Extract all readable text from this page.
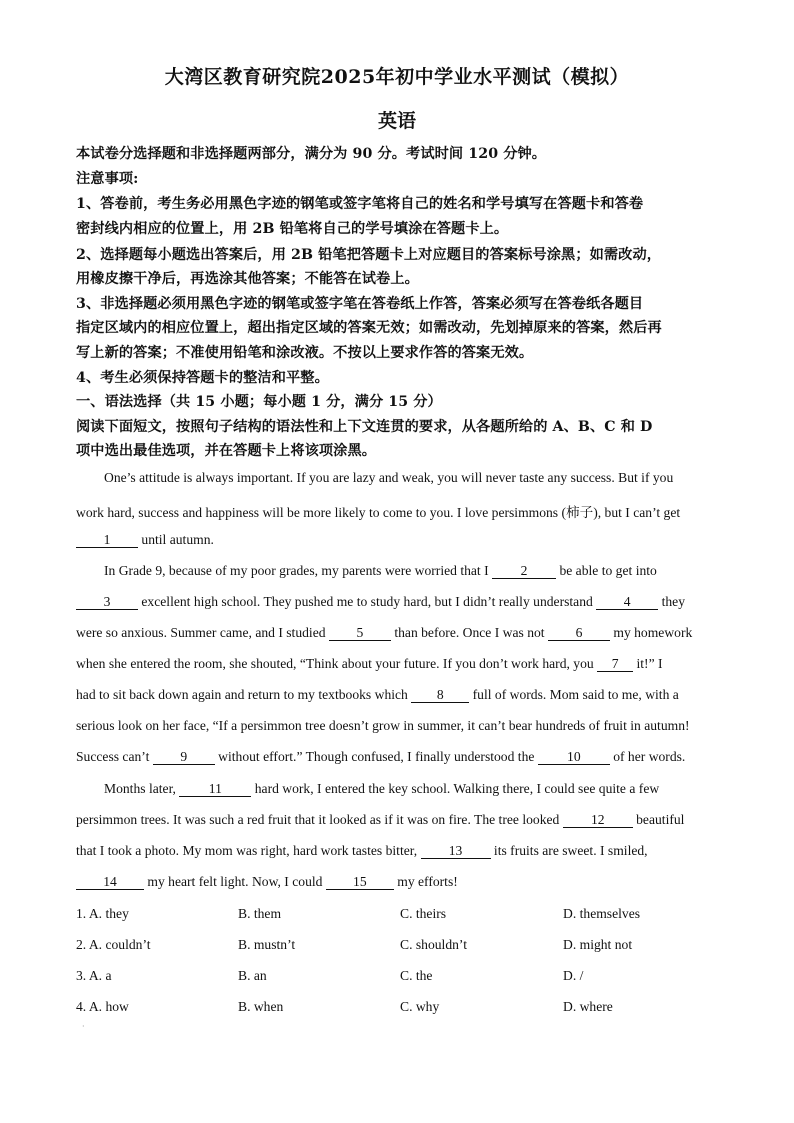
大湾区教育研究院2025年初中学业水平测试（模拟）
英语
本试卷分选择题和非选择题两部分，满分为 90 分。考试时间 120 分钟。
注意事项:
1、答卷前，考生务必用黑色字迹的钢笔或签字笔将自己的姓名和学号填写在答题卡和答卷
密封线内相应的位置上，用 2B 铅笔将自己的学号填涂在答题卡上。
2、选择题每小题选出答案后，用 2B 铅笔把答题卡上对应题目的答案标号涂黑；如需改动，
用橡皮擦干净后，再选涂其他答案；不能答在试卷上。
3、非选择题必须用黑色字迹的钢笔或签字笔在答卷纸上作答，答案必须写在答卷纸各题目
指定区域内的相应位置上，超出指定区域的答案无效；如需改动，先划掉原来的答案，然后再
写上新的答案；不准使用铅笔和涂改液。不按以上要求作答的答案无效。
4、考生必须保持答题卡的整洁和平整。
一、语法选择（共 15 小题；每小题 1 分，满分 15 分）
阅读下面短文，按照句子结构的语法性和上下文连贯的要求，从各题所给的 A、B、C 和 D
项中选出最佳选项，并在答题卡上将该项涂黑。
One’s attitude is always important. If you are lazy and weak, you will never taste any success. But if you
work hard, success and happiness will be more likely to come to you. I love persimmons (柿子), but I can’t get
1 until autumn.
In Grade 9, because of my poor grades, my parents were worried that I 2 be able to get into
3 excellent high school. They pushed me to study hard, but I didn’t really understand 4 they
were so anxious. Summer came, and I studied 5 than before. Once I was not 6 my homework
when she entered the room, she shouted, “Think about your future. If you don’t work hard, you 7 it!” I
had to sit back down again and return to my textbooks which 8 full of words. Mom said to me, with a
serious look on her face, “If a persimmon tree doesn’t grow in summer, it can’t bear hundreds of fruit in autumn!
Success can’t 9 without effort.” Though confused, I finally understood the 10 of her words.
Months later, 11 hard work, I entered the key school. Walking there, I could see quite a few
persimmon trees. It was such a red fruit that it looked as if it was on fire. The tree looked 12 beautiful
that I took a photo. My mom was right, hard work tastes bitter, 13 its fruits are sweet. I smiled,
14 my heart felt light. Now, I could 15 my efforts!
1. A. they	B. them	C. theirs	D. themselves
2. A. couldn’t	B. mustn’t	C. shouldn’t	D. might not
3. A. a	B. an	C. the	D. /
4. A. how	B. when	C. why	D. where
·
